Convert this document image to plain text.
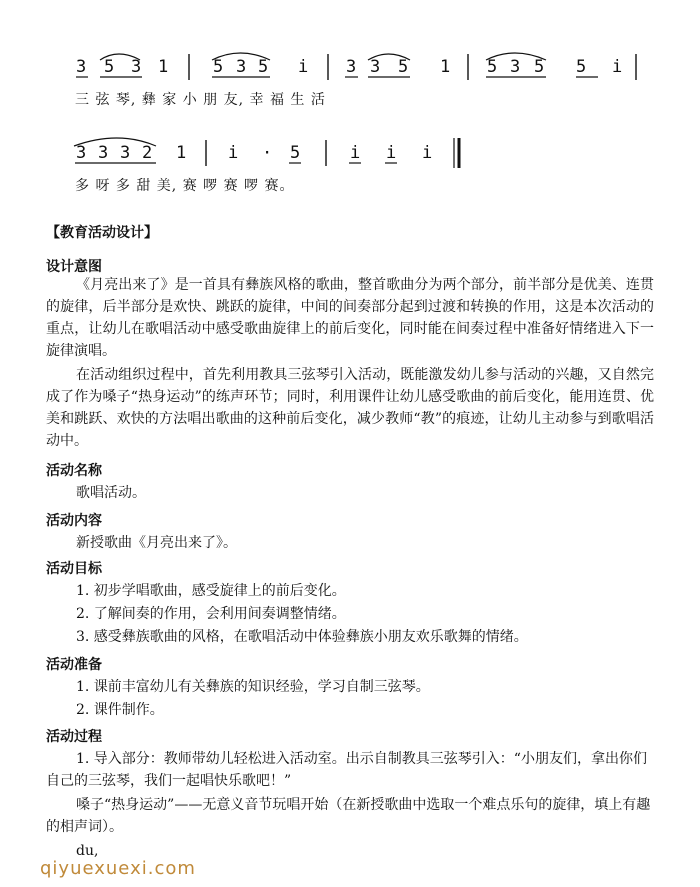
3 5 3 1	5 3 5 i 3 3 5 1 5 3 5 5 i
三 弦 琴, 彝 家 小 朋 友, 幸 福 生 活
3 3 3 2 1 i · 5	i i i
多 呀 多 甜 美, 赛 啰 赛 啰 赛。
【教育活动设计】
设计意图

《月亮出来了》是一首具有彝族风格的歌曲，整首歌曲分为两个部分，前半部分是优美、连贯的旋律，后半部分是欢快、跳跃的旋律，中间的间奏部分起到过渡和转换的作用，这是本次活动的重点，让幼儿在歌唱活动中感受歌曲旋律上的前后变化，同时能在间奏过程中准备好情绪进入下一旋律演唱。

在活动组织过程中，首先利用教具三弦琴引入活动，既能激发幼儿参与活动的兴趣，又自然完成了作为嗓子“热身运动”的练声环节；同时，利用课件让幼儿感受歌曲的前后变化，能用连贯、优美和跳跃、欢快的方法唱出歌曲的这种前后变化，减少教师“教”的痕迹，让幼儿主动参与到歌唱活动中。

活动名称

歌唱活动。

活动内容

新授歌曲《月亮出来了》。

活动目标

1. 初步学唱歌曲，感受旋律上的前后变化。

2. 了解间奏的作用，会利用间奏调整情绪。

3. 感受彝族歌曲的风格，在歌唱活动中体验彝族小朋友欢乐歌舞的情绪。

活动准备

1. 课前丰富幼儿有关彝族的知识经验，学习自制三弦琴。

2. 课件制作。

活动过程

1. 导入部分：教师带幼儿轻松进入活动室。出示自制教具三弦琴引入：“小朋友们，拿出你们自己的三弦琴，我们一起唱快乐歌吧！”

嗓子“热身运动”——无意义音节玩唱开始（在新授歌曲中选取一个难点乐句的旋律，填上有趣的相声词）。

du,

qiyuexuexi.com
